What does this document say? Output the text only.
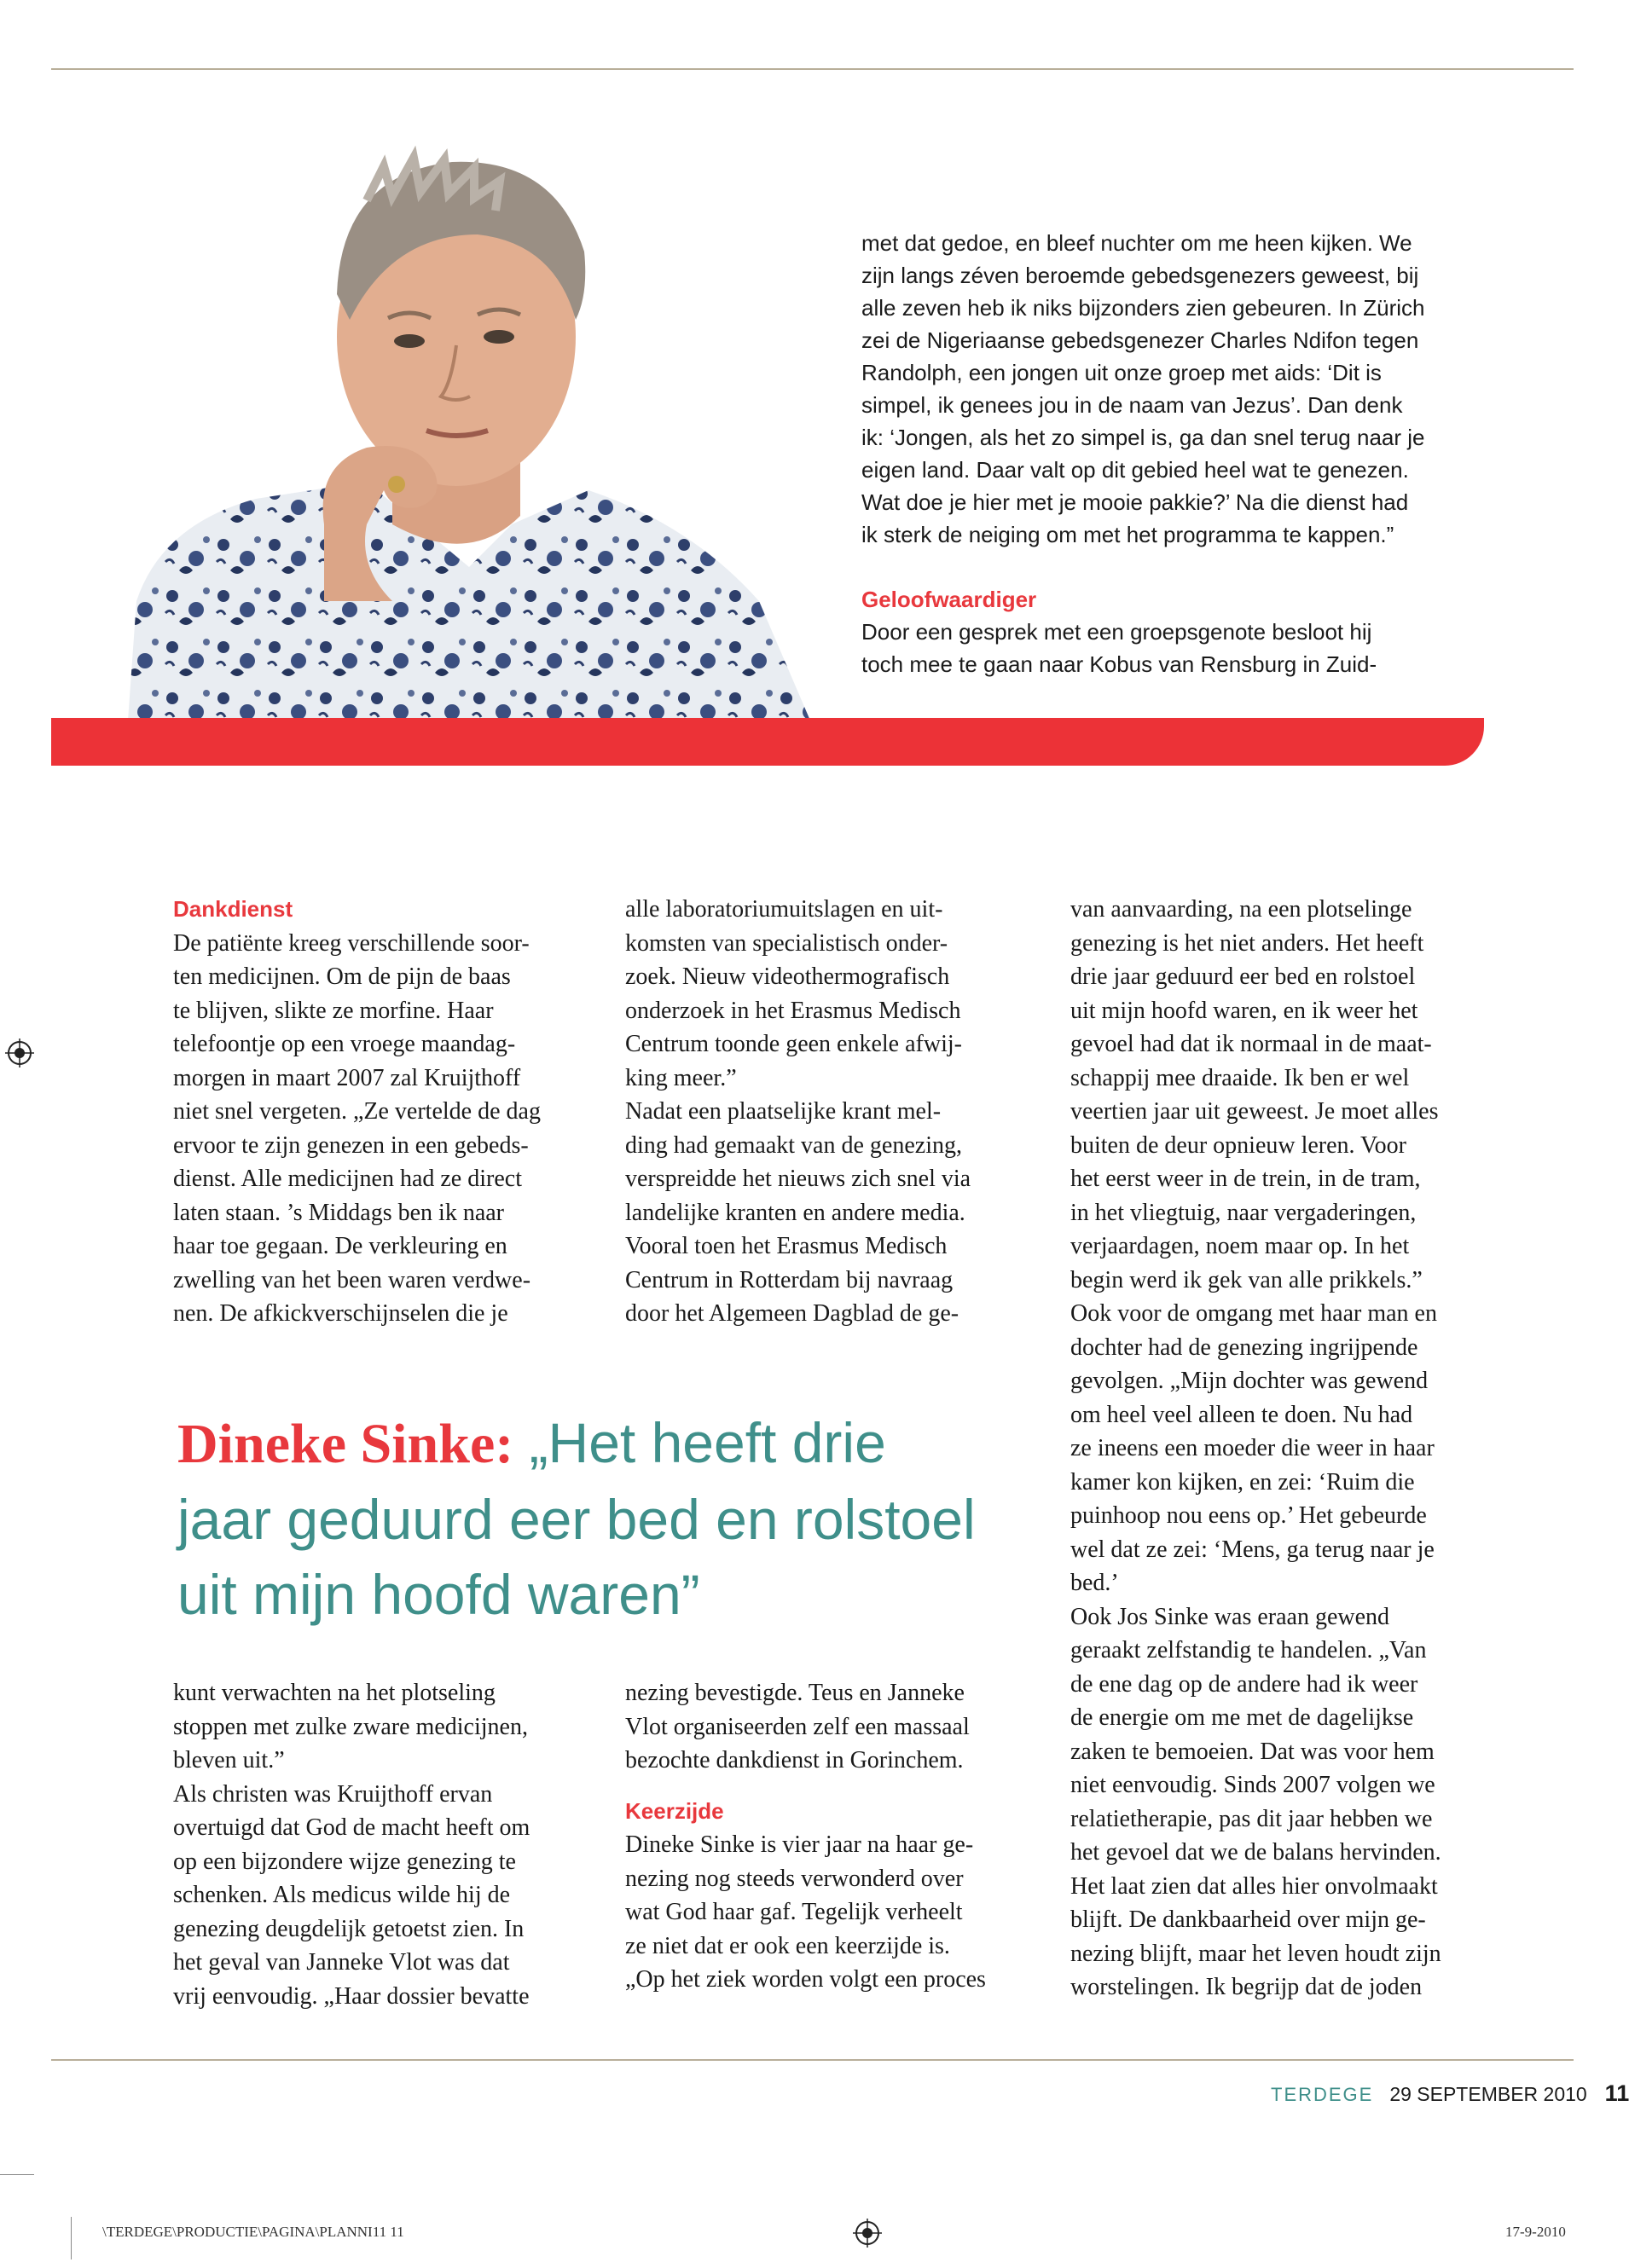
met dat gedoe, en bleef nuchter om me heen kijken. We
zijn langs zéven beroemde gebedsgenezers geweest, bij
alle zeven heb ik niks bijzonders zien gebeuren. In Zürich
zei de Nigeriaanse gebedsgenezer Charles Ndifon tegen
Randolph, een jongen uit onze groep met aids: ‘Dit is
simpel, ik genees jou in de naam van Jezus’. Dan denk
ik: ‘Jongen, als het zo simpel is, ga dan snel terug naar je
eigen land. Daar valt op dit gebied heel wat te genezen.
Wat doe je hier met je mooie pakkie?’ Na die dienst had
ik sterk de neiging om met het programma te kappen.”
Geloofwaardiger
Door een gesprek met een groepsgenote besloot hij
toch mee te gaan naar Kobus van Rensburg in Zuid-
Dankdienst
De patiënte kreeg verschillende soor-
ten medicijnen. Om de pijn de baas
te blijven, slikte ze morfine. Haar
telefoontje op een vroege maandag-
morgen in maart 2007 zal Kruijthoff
niet snel vergeten. „Ze vertelde de dag
ervoor te zijn genezen in een gebeds-
dienst. Alle medicijnen had ze direct
laten staan. ’s Middags ben ik naar
haar toe gegaan. De verkleuring en
zwelling van het been waren verdwe-
nen. De afkickverschijnselen die je
alle laboratoriumuitslagen en uit-
komsten van specialistisch onder-
zoek. Nieuw videothermografisch
onderzoek in het Erasmus Medisch
Centrum toonde geen enkele afwij-
king meer.”
Nadat een plaatselijke krant mel-
ding had gemaakt van de genezing,
verspreidde het nieuws zich snel via
landelijke kranten en andere media.
Vooral toen het Erasmus Medisch
Centrum in Rotterdam bij navraag
door het Algemeen Dagblad de ge-
van aanvaarding, na een plotselinge
genezing is het niet anders. Het heeft
drie jaar geduurd eer bed en rolstoel
uit mijn hoofd waren, en ik weer het
gevoel had dat ik normaal in de maat-
schappij mee draaide. Ik ben er wel
veertien jaar uit geweest. Je moet alles
buiten de deur opnieuw leren. Voor
het eerst weer in de trein, in de tram,
in het vliegtuig, naar vergaderingen,
verjaardagen, noem maar op. In het
begin werd ik gek van alle prikkels.”
Ook voor de omgang met haar man en
dochter had de genezing ingrijpende
gevolgen. „Mijn dochter was gewend
om heel veel alleen te doen. Nu had
ze ineens een moeder die weer in haar
kamer kon kijken, en zei: ‘Ruim die
puinhoop nou eens op.’ Het gebeurde
wel dat ze zei: ‘Mens, ga terug naar je
bed.’
Ook Jos Sinke was eraan gewend
geraakt zelfstandig te handelen. „Van
de ene dag op de andere had ik weer
de energie om me met de dagelijkse
zaken te bemoeien. Dat was voor hem
niet eenvoudig. Sinds 2007 volgen we
relatietherapie, pas dit jaar hebben we
het gevoel dat we de balans hervinden.
Het laat zien dat alles hier onvolmaakt
blijft. De dankbaarheid over mijn ge-
nezing blijft, maar het leven houdt zijn
worstelingen. Ik begrijp dat de joden
Dineke Sinke: „Het heeft drie
jaar geduurd eer bed en rolstoel
uit mijn hoofd waren”
kunt verwachten na het plotseling
stoppen met zulke zware medicijnen,
bleven uit.”
Als christen was Kruijthoff ervan
overtuigd dat God de macht heeft om
op een bijzondere wijze genezing te
schenken. Als medicus wilde hij de
genezing deugdelijk getoetst zien. In
het geval van Janneke Vlot was dat
vrij eenvoudig. „Haar dossier bevatte
nezing bevestigde. Teus en Janneke
Vlot organiseerden zelf een massaal
bezochte dankdienst in Gorinchem.
Keerzijde
Dineke Sinke is vier jaar na haar ge-
nezing nog steeds verwonderd over
wat God haar gaf. Tegelijk verheelt
ze niet dat er ook een keerzijde is.
„Op het ziek worden volgt een proces
TERDEGE 29 SEPTEMBER 2010 11
\TERDEGE\PRODUCTIE\PAGINA\PLANNI11 11	17-9-2010
